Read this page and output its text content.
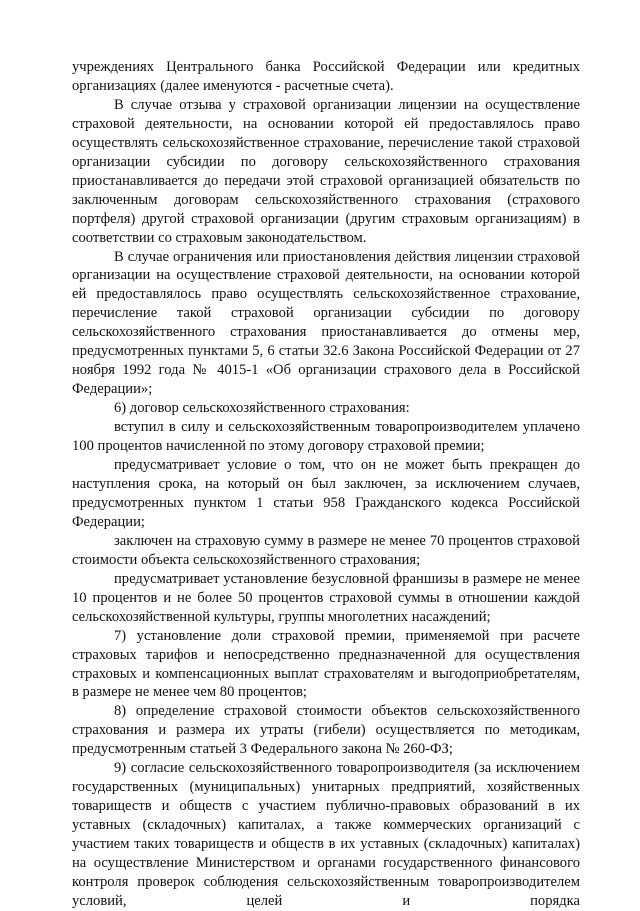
учреждениях Центрального банка Российской Федерации или кредитных организациях (далее именуются - расчетные счета).

В случае отзыва у страховой организации лицензии на осуществление страховой деятельности, на основании которой ей предоставлялось право осуществлять сельскохозяйственное страхование, перечисление такой страховой организации субсидии по договору сельскохозяйственного страхования приостанавливается до передачи этой страховой организацией обязательств по заключенным договорам сельскохозяйственного страхования (страхового портфеля) другой страховой организации (другим страховым организациям) в соответствии со страховым законодательством.

В случае ограничения или приостановления действия лицензии страховой организации на осуществление страховой деятельности, на основании которой ей предоставлялось право осуществлять сельскохозяйственное страхование, перечисление такой страховой организации субсидии по договору сельскохозяйственного страхования приостанавливается до отмены мер, предусмотренных пунктами 5, 6 статьи 32.6 Закона Российской Федерации от 27 ноября 1992 года № 4015-1 «Об организации страхового дела в Российской Федерации»;

6) договор сельскохозяйственного страхования:

вступил в силу и сельскохозяйственным товаропроизводителем уплачено 100 процентов начисленной по этому договору страховой премии;

предусматривает условие о том, что он не может быть прекращен до наступления срока, на который он был заключен, за исключением случаев, предусмотренных пунктом 1 статьи 958 Гражданского кодекса Российской Федерации;

заключен на страховую сумму в размере не менее 70 процентов страховой стоимости объекта сельскохозяйственного страхования;

предусматривает установление безусловной франшизы в размере не менее 10 процентов и не более 50 процентов страховой суммы в отношении каждой сельскохозяйственной культуры, группы многолетних насаждений;

7) установление доли страховой премии, применяемой при расчете страховых тарифов и непосредственно предназначенной для осуществления страховых и компенсационных выплат страхователям и выгодоприобретателям, в размере не менее чем 80 процентов;

8) определение страховой стоимости объектов сельскохозяйственного страхования и размера их утраты (гибели) осуществляется по методикам, предусмотренным статьей 3 Федерального закона № 260-ФЗ;

9) согласие сельскохозяйственного товаропроизводителя (за исключением государственных (муниципальных) унитарных предприятий, хозяйственных товариществ и обществ с участием публично-правовых образований в их уставных (складочных) капиталах, а также коммерческих организаций с участием таких товариществ и обществ в их уставных (складочных) капиталах) на осуществление Министерством и органами государственного финансового контроля проверок соблюдения сельскохозяйственным товаропроизводителем условий, целей и порядка
